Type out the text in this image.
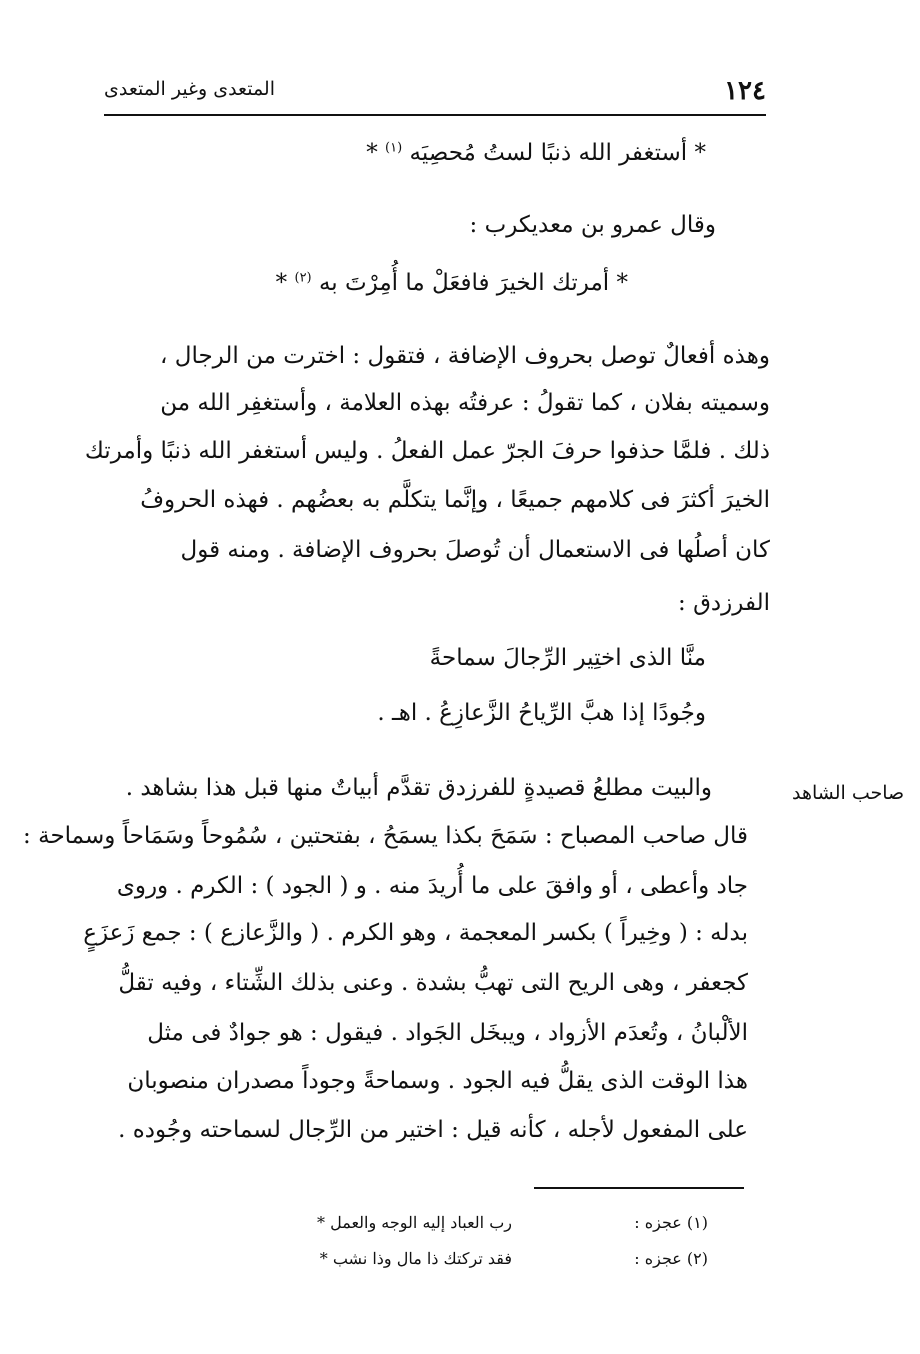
١٢٤
المتعدى وغير المتعدى
* أستغفر الله ذنبًا لستُ مُحصِيَه $^{(١)}$ *
وقال عمرو بن معديكرب :
* أمرتك الخيرَ فافعَلْ ما أُمِرْتَ به $^{(٢)}$ *
وهذه أفعالٌ توصل بحروف الإضافة ، فتقول : اخترت من الرجال ،
وسميته بفلان ، كما تقولُ : عرفتُه بهذه العلامة ، وأستغفِر الله من
ذلك . فلمَّا حذفوا حرفَ الجرّ عمل الفعلُ . وليس أستغفر الله ذنبًا وأمرتك
الخيرَ أكثرَ فى كلامهم جميعًا ، وإنَّما يتكلَّم به بعضُهم . فهذه الحروفُ
كان أصلُها فى الاستعمال أن تُوصلَ بحروف الإضافة . ومنه قول
الفرزدق :
منَّا الذى اختِير الرِّجالَ سماحةً
وجُودًا إذا هبَّ الرِّياحُ الزَّعازِعُ . اهـ .
صاحب الشاهد
والبيت مطلعُ قصيدةٍ للفرزدق تقدَّم أبياتٌ منها قبل هذا بشاهد .
قال صاحب المصباح : سَمَحَ بكذا يسمَحُ ، بفتحتين ، سُمُوحاً وسَمَاحاً وسماحة :
جاد وأعطى ، أو وافقَ على ما أُريدَ منه . و ( الجود ) : الكرم . وروى
بدله : ( وخِيراً ) بكسر المعجمة ، وهو الكرم . ( والزَّعازع ) : جمع زَعزَعٍ
كجعفر ، وهى الريح التى تهبُّ بشدة . وعنى بذلك الشِّتاء ، وفيه تقلُّ
الألْبانُ ، وتُعدَم الأزواد ، ويبخَل الجَواد . فيقول : هو جوادٌ فى مثل
هذا الوقت الذى يقلُّ فيه الجود . وسماحةً وجوداً مصدران منصوبان
على المفعول لأجله ، كأنه قيل : اختير من الرِّجال لسماحته وجُوده .
(١) عجزه :
رب العباد إليه الوجه والعمل *
(٢) عجزه :
فقد تركتك ذا مال وذا نشب *
